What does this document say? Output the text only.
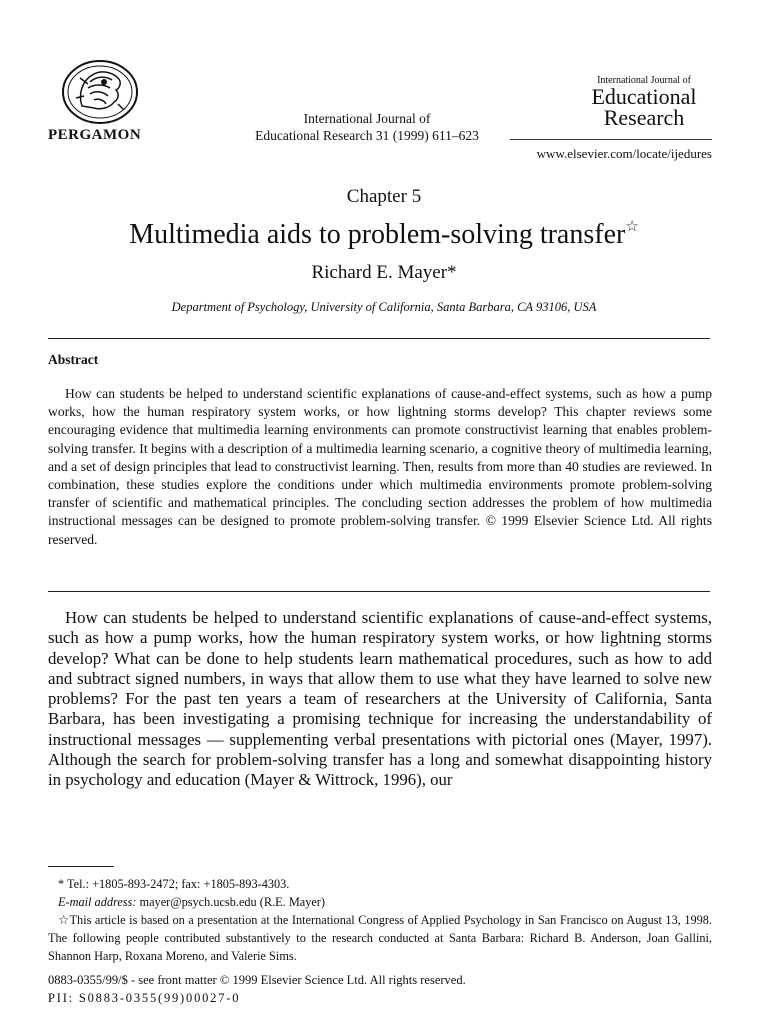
PERGAMON
International Journal of
Educational Research 31 (1999) 611–623
International Journal of
Educational
Research
www.elsevier.com/locate/ijedures
Chapter 5
Multimedia aids to problem-solving transfer☆
Richard E. Mayer*
Department of Psychology, University of California, Santa Barbara, CA 93106, USA
Abstract
How can students be helped to understand scientific explanations of cause-and-effect systems, such as how a pump works, how the human respiratory system works, or how lightning storms develop? This chapter reviews some encouraging evidence that multimedia learning environments can promote constructivist learning that enables problem-solving transfer. It begins with a description of a multimedia learning scenario, a cognitive theory of multimedia learning, and a set of design principles that lead to constructivist learning. Then, results from more than 40 studies are reviewed. In combination, these studies explore the conditions under which multimedia environments promote problem-solving transfer of scientific and mathematical principles. The concluding section addresses the problem of how multimedia instructional messages can be designed to promote problem-solving transfer. © 1999 Elsevier Science Ltd. All rights reserved.
How can students be helped to understand scientific explanations of cause-and-effect systems, such as how a pump works, how the human respiratory system works, or how lightning storms develop? What can be done to help students learn mathematical procedures, such as how to add and subtract signed numbers, in ways that allow them to use what they have learned to solve new problems? For the past ten years a team of researchers at the University of California, Santa Barbara, has been investigating a promising technique for increasing the understandability of instructional messages — supplementing verbal presentations with pictorial ones (Mayer, 1997). Although the search for problem-solving transfer has a long and somewhat disappointing history in psychology and education (Mayer & Wittrock, 1996), our
* Tel.: +1805-893-2472; fax: +1805-893-4303.
E-mail address: mayer@psych.ucsb.edu (R.E. Mayer)
☆This article is based on a presentation at the International Congress of Applied Psychology in San Francisco on August 13, 1998. The following people contributed substantively to the research conducted at Santa Barbara: Richard B. Anderson, Joan Gallini, Shannon Harp, Roxana Moreno, and Valerie Sims.
0883-0355/99/$ - see front matter © 1999 Elsevier Science Ltd. All rights reserved.
PII: S0883-0355(99)00027-0
